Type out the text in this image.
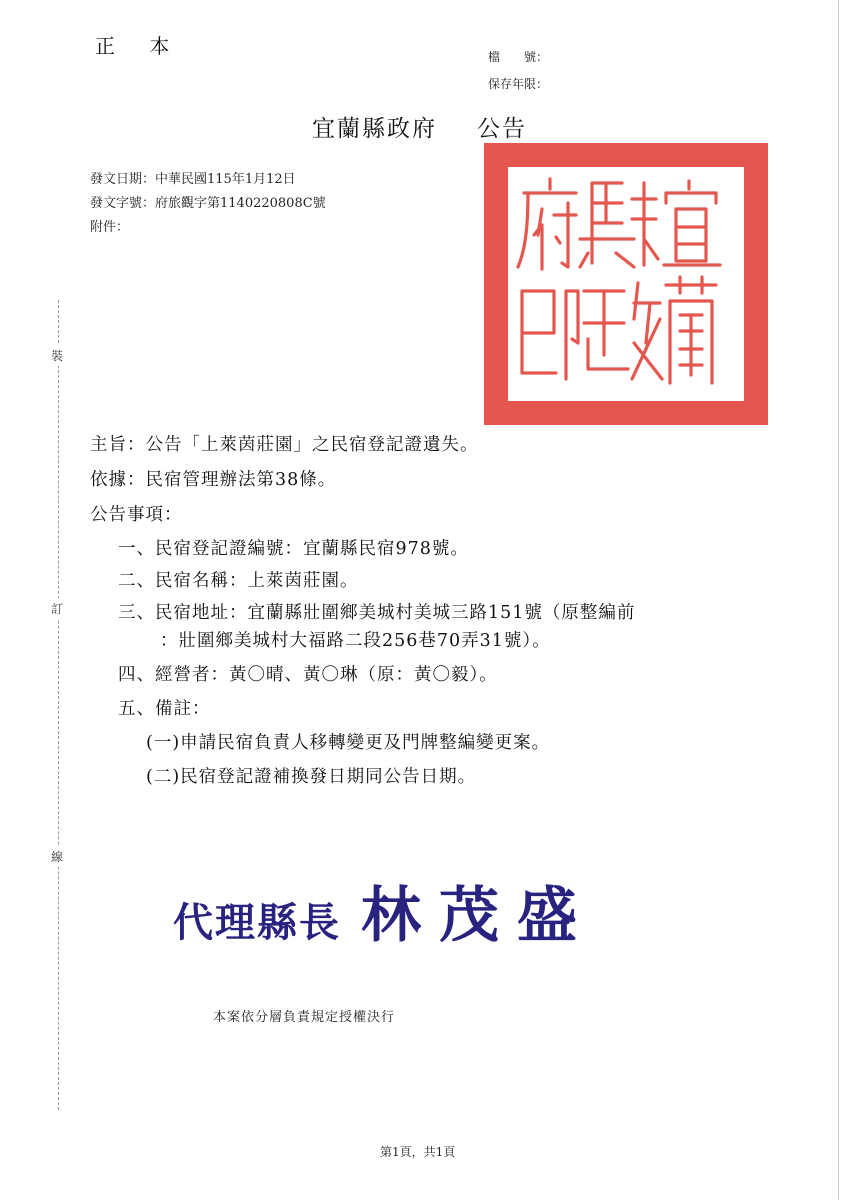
裝
訂
線
正 本	檔　　號：
保存年限：
宜蘭縣政府 公告
發文日期：中華民國115年1月12日
發文字號：府旅觀字第1140220808C號
附件：
主旨：公告「上萊茵莊園」之民宿登記證遺失。
依據：民宿管理辦法第38條。
公告事項：
一、民宿登記證編號：宜蘭縣民宿978號。
二、民宿名稱：上萊茵莊園。
三、民宿地址：宜蘭縣壯圍鄉美城村美城三路151號（原整編前
：壯圍鄉美城村大福路二段256巷70弄31號）。
四、經營者：黃〇晴、黃〇琳（原：黃〇毅）。
五、備註：
(一)申請民宿負責人移轉變更及門牌整編變更案。
(二)民宿登記證補換發日期同公告日期。
代理縣長 林茂盛
本案依分層負責規定授權決行
第1頁，共1頁
